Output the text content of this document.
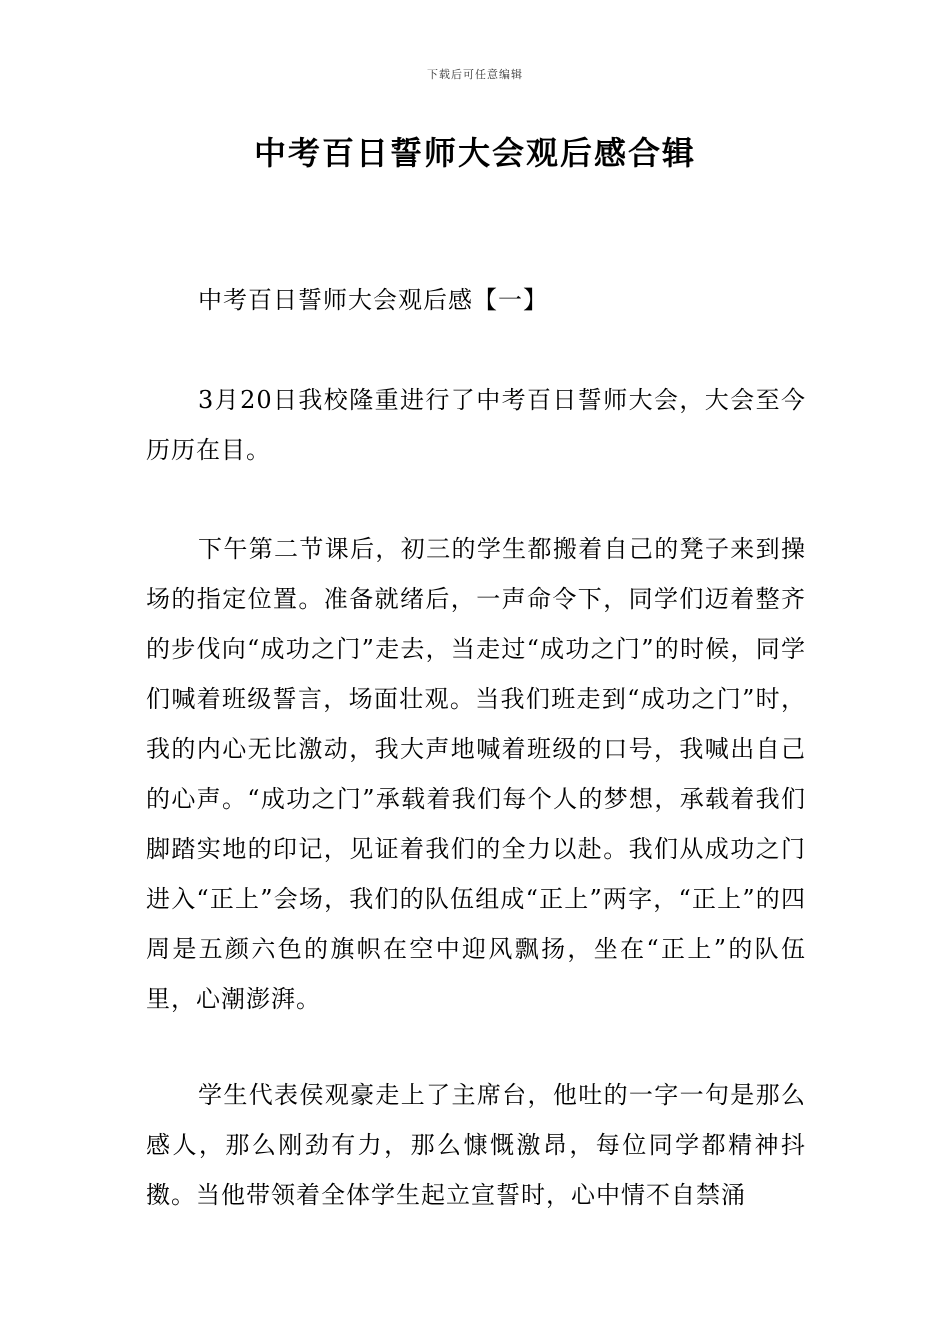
下载后可任意编辑
中考百日誓师大会观后感合辑
中考百日誓师大会观后感【一】

3月20日我校隆重进行了中考百日誓师大会，大会至今历历在目。

下午第二节课后，初三的学生都搬着自己的凳子来到操场的指定位置。准备就绪后，一声命令下，同学们迈着整齐的步伐向“成功之门”走去，当走过“成功之门”的时候，同学们喊着班级誓言，场面壮观。当我们班走到“成功之门”时，我的内心无比激动，我大声地喊着班级的口号，我喊出自己的心声。“成功之门”承载着我们每个人的梦想，承载着我们脚踏实地的印记，见证着我们的全力以赴。我们从成功之门进入“正上”会场，我们的队伍组成“正上”两字，“正上”的四周是五颜六色的旗帜在空中迎风飘扬，坐在“正上”的队伍里，心潮澎湃。

学生代表侯观豪走上了主席台，他吐的一字一句是那么感人，那么刚劲有力，那么慷慨激昂，每位同学都精神抖擞。当他带领着全体学生起立宣誓时，心中情不自禁涌
